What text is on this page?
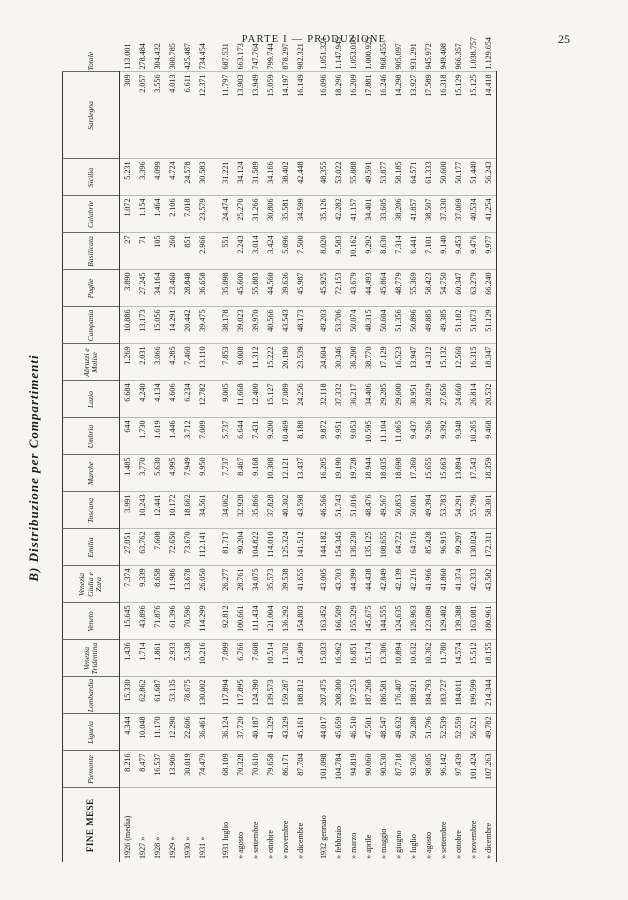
PARTE I — PRODUZIONE	25
B) Distribuzione per Compartimenti
FINE MESE	Piemonte	Liguria	Lombardia	Venezia Tridentina	Veneto	Venezia Giulia e Zara	Emilia	Toscana	Marche	Umbria	Lazio	Abruzzi e Molise	Campania	Puglie	Basilicata	Calabrie	Sicilia	Sardegna	Totale
1926 (media)	8.216	4.344	15.330	1.436	15.645	7.374	27.051	3.991	1.485	644	6.684	1.269	10.886	3.890	27	1.072	5.231	309	113.001
1927 »	8.477	10.048	62.862	1.714	43.896	9.339	63.762	10.243	3.770	1.730	4.240	2.031	13.173	27.245	71	1.154	3.396	2.057	278.484
1928 »	16.537	11.170	61.687	1.861	71.876	8.658	7.608	12.441	5.630	1.619	4.134	3.066	15.056	34.164	105	1.464	4.099	3.556	304.432
1929 »	13.906	12.290	53.135	2.933	61.396	11.986	72.650	10.172	4.995	1.446	4.606	4.285	14.291	23.460	260	2.106	4.724	4.013	300.785
1930 »	30.019	22.606	78.675	5.338	70.596	13.678	73.670	18.662	7.949	3.712	6.234	7.460	20.442	28.848	851	7.018	24.578	6.611	425.487
1931 »	74.479	36.461	130.002	10.216	114.299	26.050	112.141	34.561	9.950	7.089	12.782	13.110	39.475	36.658	2.966	23.579	30.583	12.371	734.454

1931 luglio	68.109	36.124	117.894	7.099	92.812	26.277	81.717	34.062	7.737	5.737	9.005	7.853	38.178	35.098	551	24.474	31.221	11.797	687.531
» agosto	70.328	37.720	117.895	6.766	100.661	28.761	90.204	32.928	8.467	6.644	11.668	9.008	39.023	45.600	2.243	25.270	34.124	13.903	663.173
» settembre	70.610	40.187	124.390	7.608	111.434	34.075	104.822	35.866	9.168	7.431	12.400	11.312	39.970	55.883	3.014	31.266	31.589	13.949	747.764
» ottobre	79.658	41.329	139.573	10.514	121.004	35.573	114.010	37.828	10.308	9.200	15.127	15.222	40.566	44.560	3.424	30.806	34.166	15.059	799.744
» novembre	86.171	43.329	159.287	11.702	136.292	39.538	125.324	40.302	12.121	10.469	17.089	20.190	43.543	39.636	5.096	35.581	38.402	14.197	878.297
» dicembre	87.704	45.161	188.812	15.409	154.803	41.655	141.512	43.598	13.437	8.188	24.256	23.539	48.173	45.987	7.500	34.599	42.448	16.149	982.321

1932 gennaio	101.098	44.017	207.475	15.033	163.452	43.005	144.182	46.566	16.205	9.872	32.118	24.604	49.203	45.925	8.020	35.126	48.355	16.096	1.051.321
» febbraio	104.784	45.659	208.300	16.962	166.509	43.703	154.345	51.743	19.190	9.951	37.332	30.346	53.706	72.153	9.583	42.282	53.022	18.296	1.147.945
» marzo	94.819	46.510	197.253	16.851	155.329	44.399	136.230	51.016	19.728	9.053	36.217	36.200	50.074	43.679	10.162	41.157	55.888	16.209	1.053.016
» aprile	90.060	47.501	187.268	15.174	145.675	44.438	135.125	48.476	18.944	10.595	34.406	38.770	48.315	44.493	9.292	34.401	49.591	17.881	1.000.925
» maggio	90.530	48.547	186.581	13.306	144.555	42.849	108.655	49.567	18.035	11.104	29.285	17.129	50.604	45.864	8.630	33.605	53.877	16.246	968.455
» giugno	87.718	49.632	176.407	10.894	124.635	42.139	64.722	50.853	18.698	11.065	29.600	16.523	51.356	48.779	7.314	38.206	58.185	14.298	905.097
» luglio	93.706	50.288	188.921	10.632	126.963	42.216	64.716	50.061	17.360	9.437	30.951	13.947	50.896	55.369	6.441	41.857	64.571	13.927	931.291
» agosto	98.605	51.796	184.793	10.362	123.098	41.966	85.428	49.394	15.655	9.266	28.029	14.312	49.885	58.423	7.101	38.507	61.333	17.589	945.972
» settembre	96.142	52.539	183.727	11.780	129.402	41.860	96.915	53.783	15.663	9.392	27.656	15.132	49.385	54.750	9.140	37.330	50.600	16.318	949.408
» ottobre	97.439	52.559	184.011	14.574	139.388	41.374	99.297	54.291	13.894	9.348	24.660	12.560	51.182	60.347	9.453	37.069	50.177	15.129	966.357
» novembre	101.424	56.521	199.599	15.512	163.081	42.333	130.024	55.796	17.543	10.265	26.814	16.315	51.673	63.279	9.476	40.534	51.440	15.125	1.038.757
» dicembre	107.263	49.782	214.344	18.155	180.961	43.582	172.311	58.301	18.359	9.468	20.532	18.347	51.129	66.240	9.977	41.254	56.243	14.418	1.129.654
